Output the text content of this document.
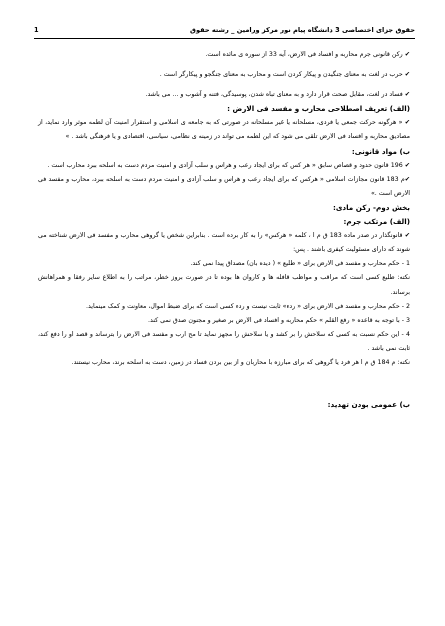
حقوق جزای اختصاصی 3 دانشگاه پیام نور مرکز ورامین _ رشته حقوق
1

✔ رکن قانونی جرم محاربه و افساد فی الارض، آیه 33 از سوره ی مائده است.

✔ حرب در لغت به معنای جنگیدن و پیکار کردن است و محارب به معنای جنگجو و پیکارگر است .

✔ فساد در لغت، مقابل صحت قرار دارد و به معنای تباه شدن، پوسیدگی، فتنه و آشوب و ... می باشد.

(الف) تعریف اصطلاحی محارب و مفسد فی الارض :

✔ « هرگونه حرکت جمعی یا فردی، مسلحانه یا غیر مسلحانه در صورتی که به جامعه ی اسلامی و استقرار امنیت آن لطمه موثر وارد نماید، از مصادیق محاربه و افساد فی الارض تلقی می شود که این لطمه می تواند در زمینه ی نظامی، سیاسی، اقتصادی و یا فرهنگی باشد . »

ب) مواد قانونی:

✔ 196 قانون حدود و قصاص سابق « هر کس که برای ایجاد رعب و هراس و سلب آزادی و امنیت مردم دست به اسلحه ببرد محارب است .

✔م 183 قانون مجازات اسلامی « هرکس که برای ایجاد رعب و هراس و سلب آزادی و امنیت مردم دست به اسلحه ببرد، محارب و مفسد فی الارض است .»

بخش دوم- رکن مادی:

(الف) مرتکب جرم:

✔ قانونگذار در صدر ماده 183 ق م ا ، کلمه « هرکس» را به کار برده است . بنابراین شخص یا گروهی محارب و مفسد فی الارض شناخته می شوند که دارای مسئولیت کیفری باشند . پس:

1 - حکم محارب و مفسد فی الارض برای « طلیع » ( دیده بان) مصداق پیدا نمی کند.

نکته: طلیع کسی است که مراقب و مواظب قافله ها و کاروان ها بوده تا در صورت بروز خطر، مراتب را به اطلاع سایر رفقا و همراهانش برساند.

2 - حکم محارب و مفسد فی الارض برای « ردء» ثابت نیست و ردء کسی است که برای ضبط اموال، معاونت و کمک مینماید.

3 - با توجه به قاعده « رفع القلم » حکم محاربه و افساد فی الارض بر صغیر و مجنون صدق نمی کند.

4 - این حکم نسبت به کسی که سلاحش را بر کشد و یا سلاحش را مجهز نماید تا مح ارب و مفسد فی الارض را بترساند و قصد او را دفع کند، ثابت نمی باشد .

نکته: م 184 ق م ا هر فرد یا گروهی که برای مبارزه با محاربان و از بین بردن فساد در زمین، دست به اسلحه برند، محارب نیستند.

ب) عمومی بودن تهدید:
